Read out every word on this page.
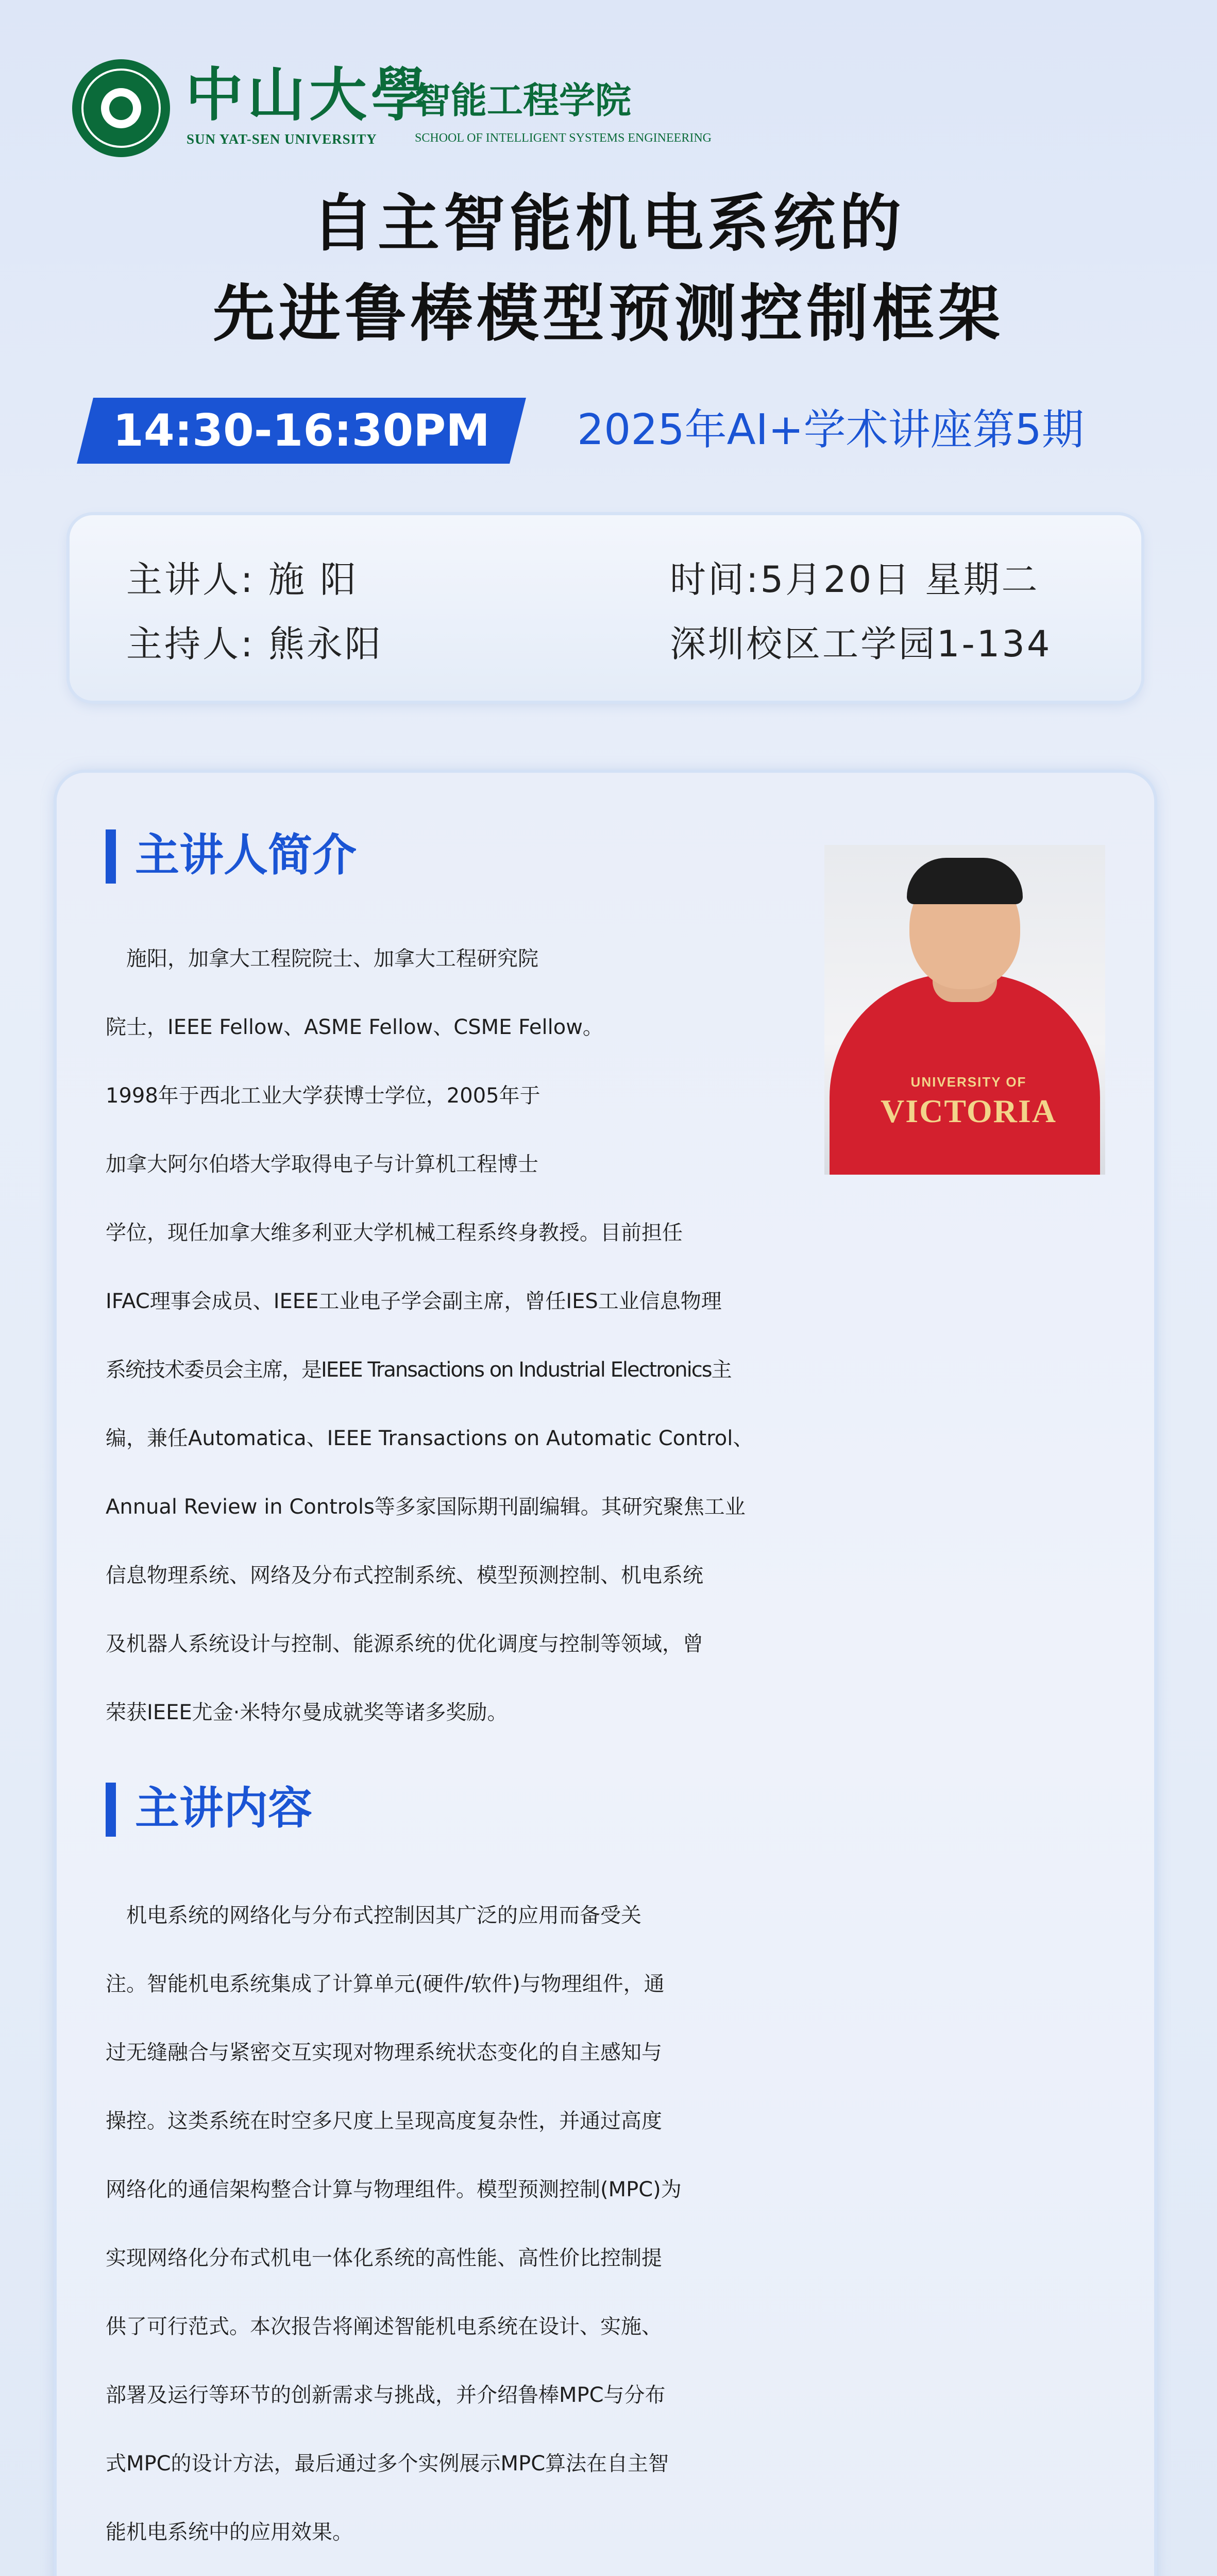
中山大學
智能工程学院
SUN YAT-SEN UNIVERSITY	SCHOOL OF INTELLIGENT SYSTEMS ENGINEERING
自主智能机电系统的
先进鲁棒模型预测控制框架
14:30-16:30PM	2025年AI+学术讲座第5期
主讲人: 施 阳
主持人: 熊永阳
时间:5月20日 星期二
深圳校区工学园1-134
主讲人简介
UNIVERSITY OF
VICTORIA
　施阳，加拿大工程院院士、加拿大工程研究院
院士，IEEE Fellow、ASME Fellow、CSME Fellow。
1998年于西北工业大学获博士学位，2005年于
加拿大阿尔伯塔大学取得电子与计算机工程博士
学位，现任加拿大维多利亚大学机械工程系终身教授。目前担任
IFAC理事会成员、IEEE工业电子学会副主席，曾任IES工业信息物理
系统技术委员会主席，是IEEE Transactions on Industrial Electronics主
编，兼任Automatica、IEEE Transactions on Automatic Control、
Annual Review in Controls等多家国际期刊副编辑。其研究聚焦工业
信息物理系统、网络及分布式控制系统、模型预测控制、机电系统
及机器人系统设计与控制、能源系统的优化调度与控制等领域，曾
荣获IEEE尤金·米特尔曼成就奖等诸多奖励。
主讲内容
　机电系统的网络化与分布式控制因其广泛的应用而备受关
注。智能机电系统集成了计算单元(硬件/软件)与物理组件，通
过无缝融合与紧密交互实现对物理系统状态变化的自主感知与
操控。这类系统在时空多尺度上呈现高度复杂性，并通过高度
网络化的通信架构整合计算与物理组件。模型预测控制(MPC)为
实现网络化分布式机电一体化系统的高性能、高性价比控制提
供了可行范式。本次报告将阐述智能机电系统在设计、实施、
部署及运行等环节的创新需求与挑战，并介绍鲁棒MPC与分布
式MPC的设计方法，最后通过多个实例展示MPC算法在自主智
能机电系统中的应用效果。
